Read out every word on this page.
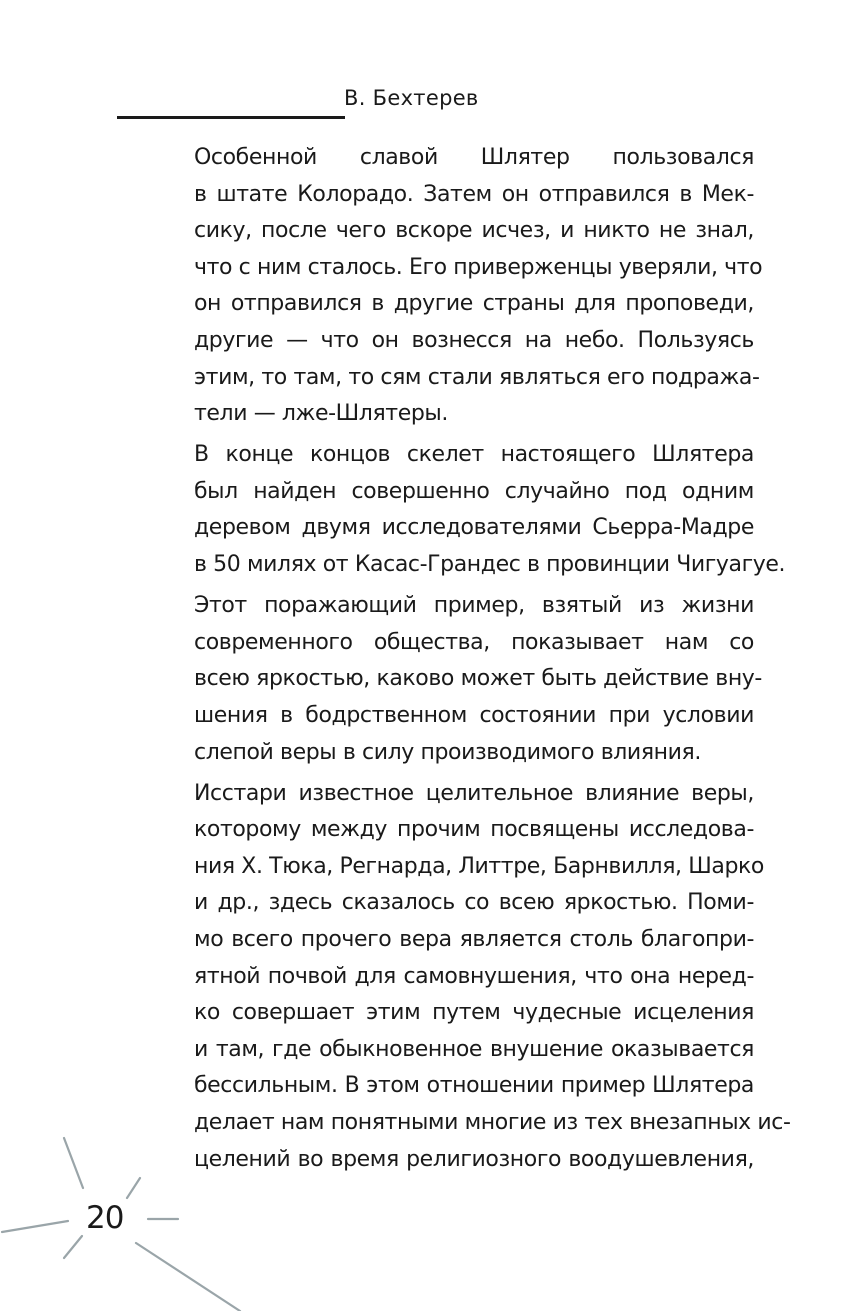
В. Бехтерев
Особенной славой Шлятер пользовался
в штате Колорадо. Затем он отправился в Мек-
сику, после чего вскоре исчез, и никто не знал,
что с ним сталось. Его приверженцы уверяли, что
он отправился в другие страны для проповеди,
другие — что он вознесся на небо. Пользуясь
этим, то там, то сям стали являться его подража-
тели — лже-Шлятеры.
В конце концов скелет настоящего Шлятера
был найден совершенно случайно под одним
деревом двумя исследователями Сьерра-Мадре
в 50 милях от Касас-Грандес в провинции Чигуагуе.
Этот поражающий пример, взятый из жизни
современного общества, показывает нам со
всею яркостью, каково может быть действие вну-
шения в бодрственном состоянии при условии
слепой веры в силу производимого влияния.
Исстари известное целительное влияние веры,
которому между прочим посвящены исследова-
ния Х. Тюка, Регнарда, Литтре, Барнвилля, Шарко
и др., здесь сказалось со всею яркостью. Поми-
мо всего прочего вера является столь благопри-
ятной почвой для самовнушения, что она неред-
ко совершает этим путем чудесные исцеления
и там, где обыкновенное внушение оказывается
бессильным. В этом отношении пример Шлятера
делает нам понятными многие из тех внезапных ис-
целений во время религиозного воодушевления,
20
